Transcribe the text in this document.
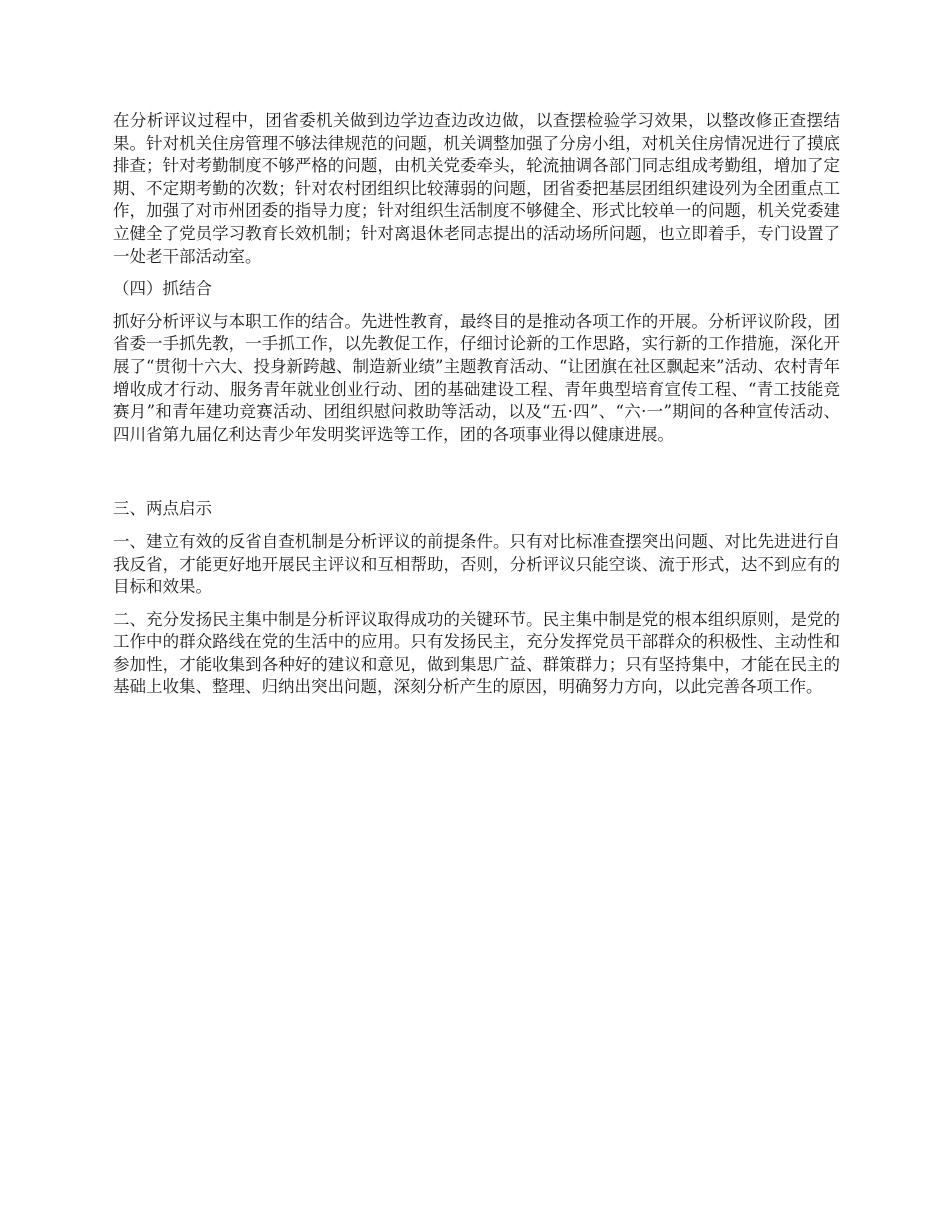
在分析评议过程中，团省委机关做到边学边查边改边做，以查摆检验学习效果，以整改修正查摆结果。针对机关住房管理不够法律规范的问题，机关调整加强了分房小组，对机关住房情况进行了摸底排查；针对考勤制度不够严格的问题，由机关党委牵头，轮流抽调各部门同志组成考勤组，增加了定期、不定期考勤的次数；针对农村团组织比较薄弱的问题，团省委把基层团组织建设列为全团重点工作，加强了对市州团委的指导力度；针对组织生活制度不够健全、形式比较单一的问题，机关党委建立健全了党员学习教育长效机制；针对离退休老同志提出的活动场所问题，也立即着手，专门设置了一处老干部活动室。

（四）抓结合

抓好分析评议与本职工作的结合。先进性教育，最终目的是推动各项工作的开展。分析评议阶段，团省委一手抓先教，一手抓工作，以先教促工作，仔细讨论新的工作思路，实行新的工作措施，深化开展了“贯彻十六大、投身新跨越、制造新业绩”主题教育活动、“让团旗在社区飘起来”活动、农村青年增收成才行动、服务青年就业创业行动、团的基础建设工程、青年典型培育宣传工程、“青工技能竞赛月”和青年建功竞赛活动、团组织慰问救助等活动，以及“五·四”、“六·一”期间的各种宣传活动、四川省第九届亿利达青少年发明奖评选等工作，团的各项事业得以健康进展。

三、两点启示

一、建立有效的反省自查机制是分析评议的前提条件。只有对比标准查摆突出问题、对比先进进行自我反省，才能更好地开展民主评议和互相帮助，否则，分析评议只能空谈、流于形式，达不到应有的目标和效果。

二、充分发扬民主集中制是分析评议取得成功的关键环节。民主集中制是党的根本组织原则，是党的工作中的群众路线在党的生活中的应用。只有发扬民主，充分发挥党员干部群众的积极性、主动性和参加性，才能收集到各种好的建议和意见，做到集思广益、群策群力；只有坚持集中，才能在民主的基础上收集、整理、归纳出突出问题，深刻分析产生的原因，明确努力方向，以此完善各项工作。
